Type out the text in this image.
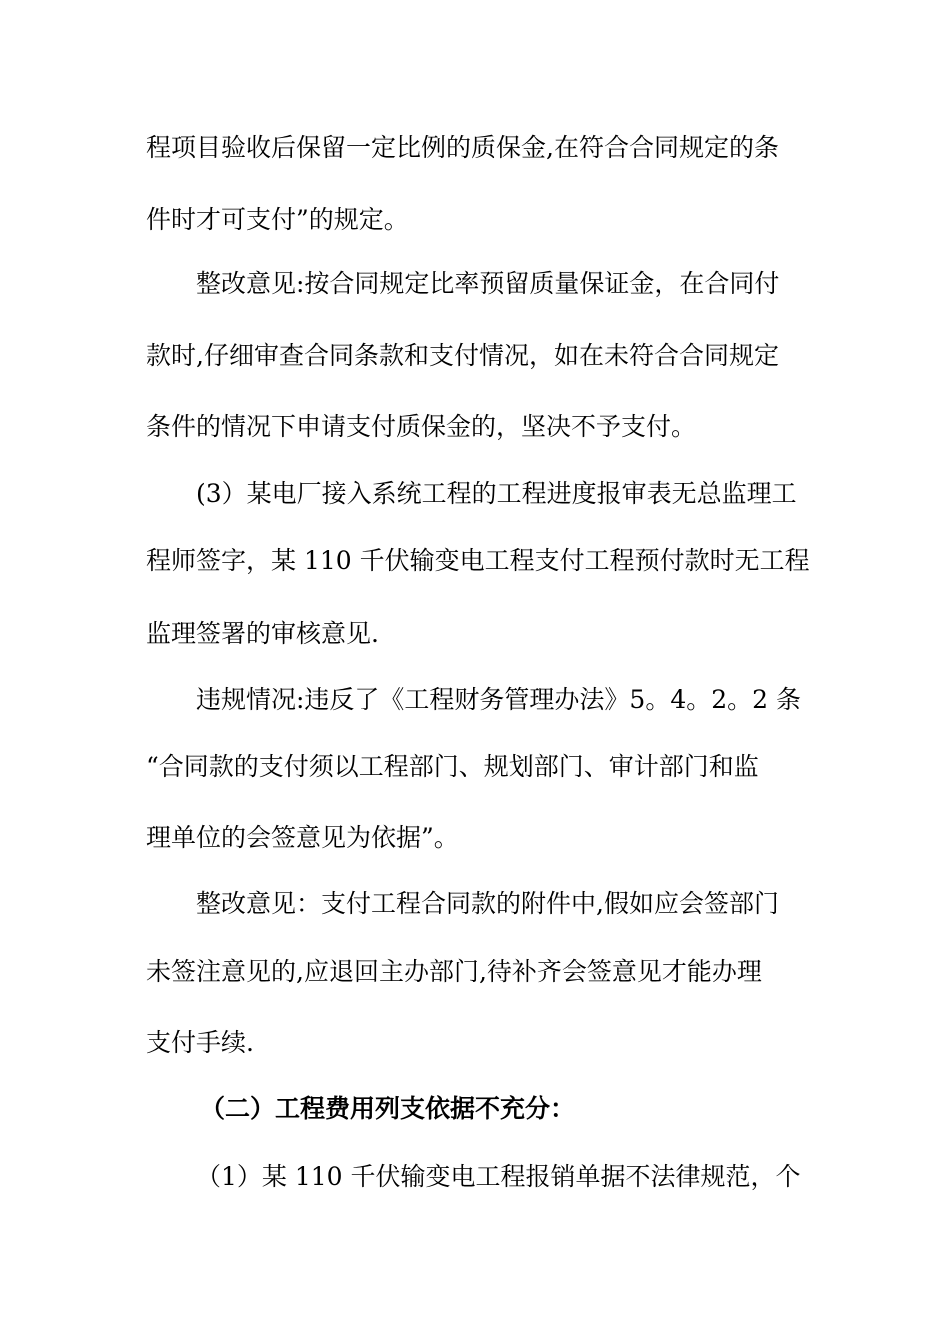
程项目验收后保留一定比例的质保金,在符合合同规定的条
件时才可支付”的规定。
整改意见:按合同规定比率预留质量保证金，在合同付
款时,仔细审查合同条款和支付情况，如在未符合合同规定
条件的情况下申请支付质保金的，坚决不予支付。
(3）某电厂接入系统工程的工程进度报审表无总监理工
程师签字，某 110 千伏输变电工程支付工程预付款时无工程
监理签署的审核意见.
违规情况:违反了《工程财务管理办法》5。4。2。2 条
“合同款的支付须以工程部门、规划部门、审计部门和监
理单位的会签意见为依据”。
整改意见：支付工程合同款的附件中,假如应会签部门
未签注意见的,应退回主办部门,待补齐会签意见才能办理
支付手续.
（二）工程费用列支依据不充分：
（1）某 110 千伏输变电工程报销单据不法律规范，个
